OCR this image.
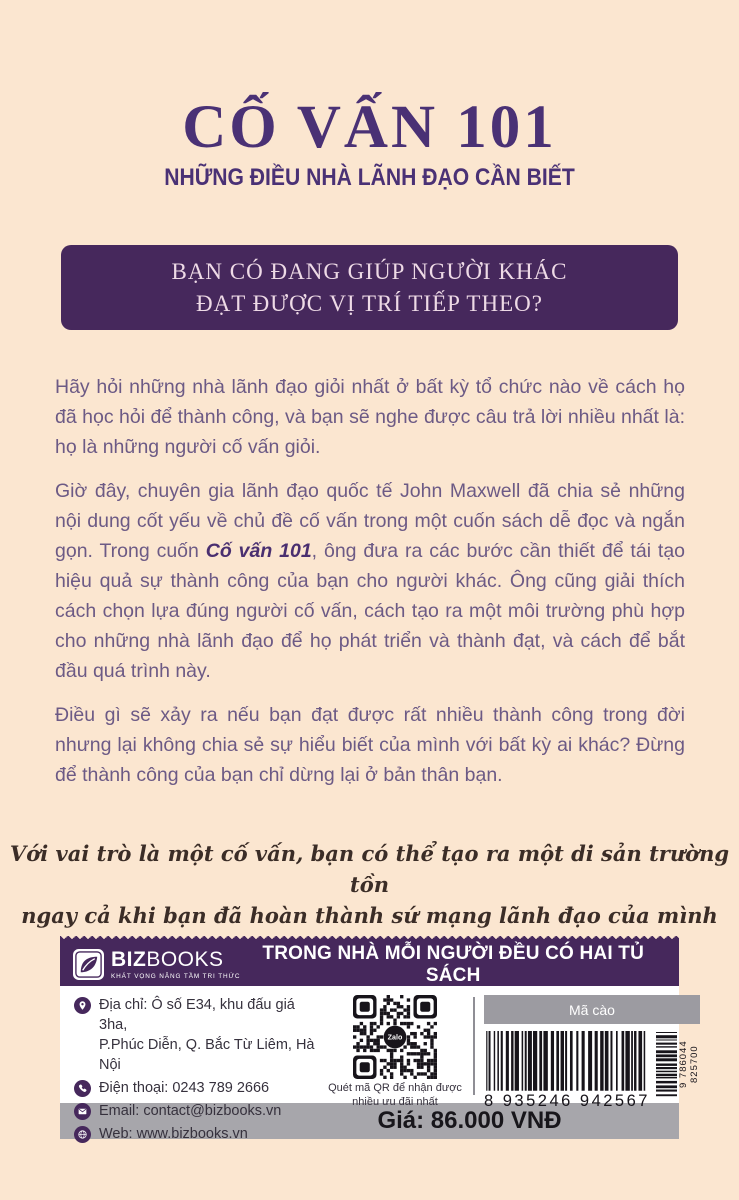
CỐ VẤN 101
NHỮNG ĐIỀU NHÀ LÃNH ĐẠO CẦN BIẾT
BẠN CÓ ĐANG GIÚP NGƯỜI KHÁC
ĐẠT ĐƯỢC VỊ TRÍ TIẾP THEO?

Hãy hỏi những nhà lãnh đạo giỏi nhất ở bất kỳ tổ chức nào về cách họ đã học hỏi để thành công, và bạn sẽ nghe được câu trả lời nhiều nhất là: họ là những người cố vấn giỏi.

Giờ đây, chuyên gia lãnh đạo quốc tế John Maxwell đã chia sẻ những nội dung cốt yếu về chủ đề cố vấn trong một cuốn sách dễ đọc và ngắn gọn. Trong cuốn Cố vấn 101, ông đưa ra các bước cần thiết để tái tạo hiệu quả sự thành công của bạn cho người khác. Ông cũng giải thích cách chọn lựa đúng người cố vấn, cách tạo ra một môi trường phù hợp cho những nhà lãnh đạo để họ phát triển và thành đạt, và cách để bắt đầu quá trình này.

Điều gì sẽ xảy ra nếu bạn đạt được rất nhiều thành công trong đời nhưng lại không chia sẻ sự hiểu biết của mình với bất kỳ ai khác? Đừng để thành công của bạn chỉ dừng lại ở bản thân bạn.

Với vai trò là một cố vấn, bạn có thể tạo ra một di sản trường tồn
ngay cả khi bạn đã hoàn thành sứ mạng lãnh đạo của mình
BIZBOOKS
KHÁT VỌNG NÂNG TẦM TRI THỨC
TRONG NHÀ MỖI NGƯỜI ĐỀU CÓ HAI TỦ SÁCH
Địa chỉ: Ô số E34, khu đấu giá 3ha,
P.Phúc Diễn, Q. Bắc Từ Liêm, Hà Nội
Điện thoại: 0243 789 2666
Email: contact@bizbooks.vn
Web: www.bizbooks.vn
Zalo
Quét mã QR để nhận được
nhiều ưu đãi nhất
Mã cào
8 935246 942567
9 786044 825700
Giá: 86.000 VNĐ
